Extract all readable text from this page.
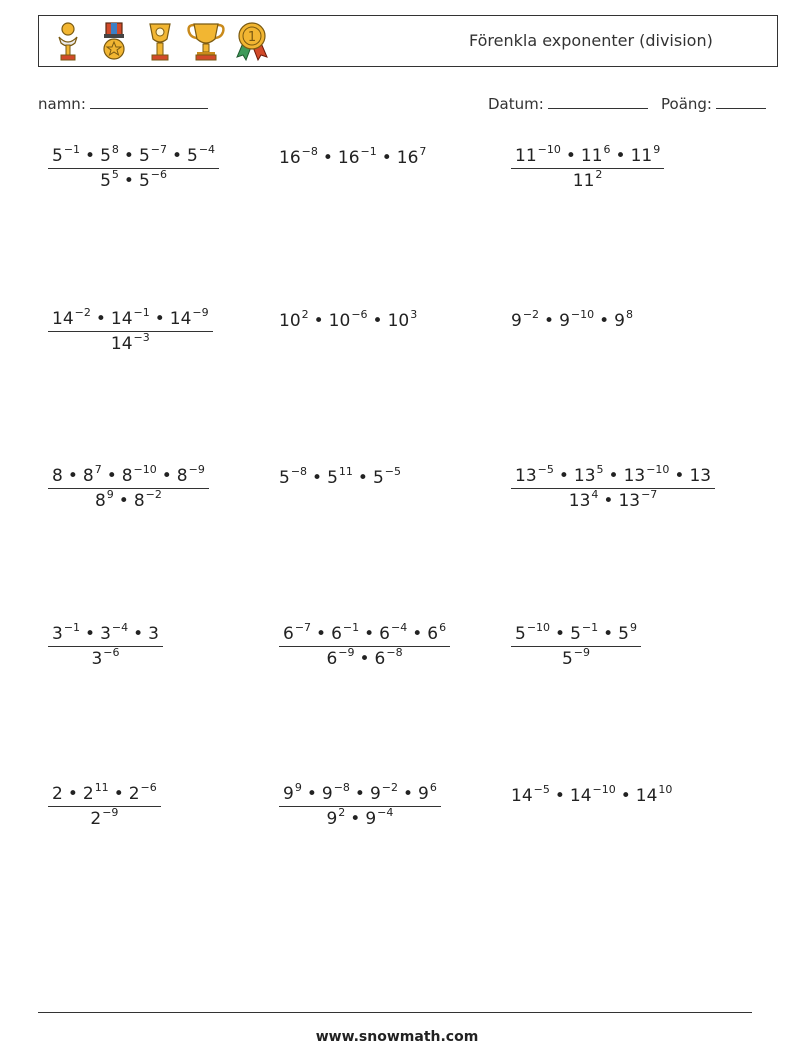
1	Förenkla exponenter (division)
namn:	Datum:	Poäng:
$\frac{5^{-1} • 5^8 • 5^{-7} • 5^{-4}}{5^5 • 5^{-6}}$	$16^{-8}$ • $16^{-1}$ • $16^7$	$\frac{11^{-10} • 11^6 • 11^9}{11^2}$
$\frac{14^{-2} • 14^{-1} • 14^{-9}}{14^{-3}}$	$10^2$ • $10^{-6}$ • $10^3$	$9^{-2}$ • $9^{-10}$ • $9^8$
$\frac{8 • 8^7 • 8^{-10} • 8^{-9}}{8^9 • 8^{-2}}$	$5^{-8}$ • $5^{11}$ • $5^{-5}$	$\frac{13^{-5} • 13^5 • 13^{-10} • 13}{13^4 • 13^{-7}}$
$\frac{3^{-1} • 3^{-4} • 3}{3^{-6}}$	$\frac{6^{-7} • 6^{-1} • 6^{-4} • 6^6}{6^{-9} • 6^{-8}}$	$\frac{5^{-10} • 5^{-1} • 5^9}{5^{-9}}$
$\frac{2 • 2^{11} • 2^{-6}}{2^{-9}}$	$\frac{9^9 • 9^{-8} • 9^{-2} • 9^6}{9^2 • 9^{-4}}$	$14^{-5}$ • $14^{-10}$ • $14^{10}$
www.snowmath.com
